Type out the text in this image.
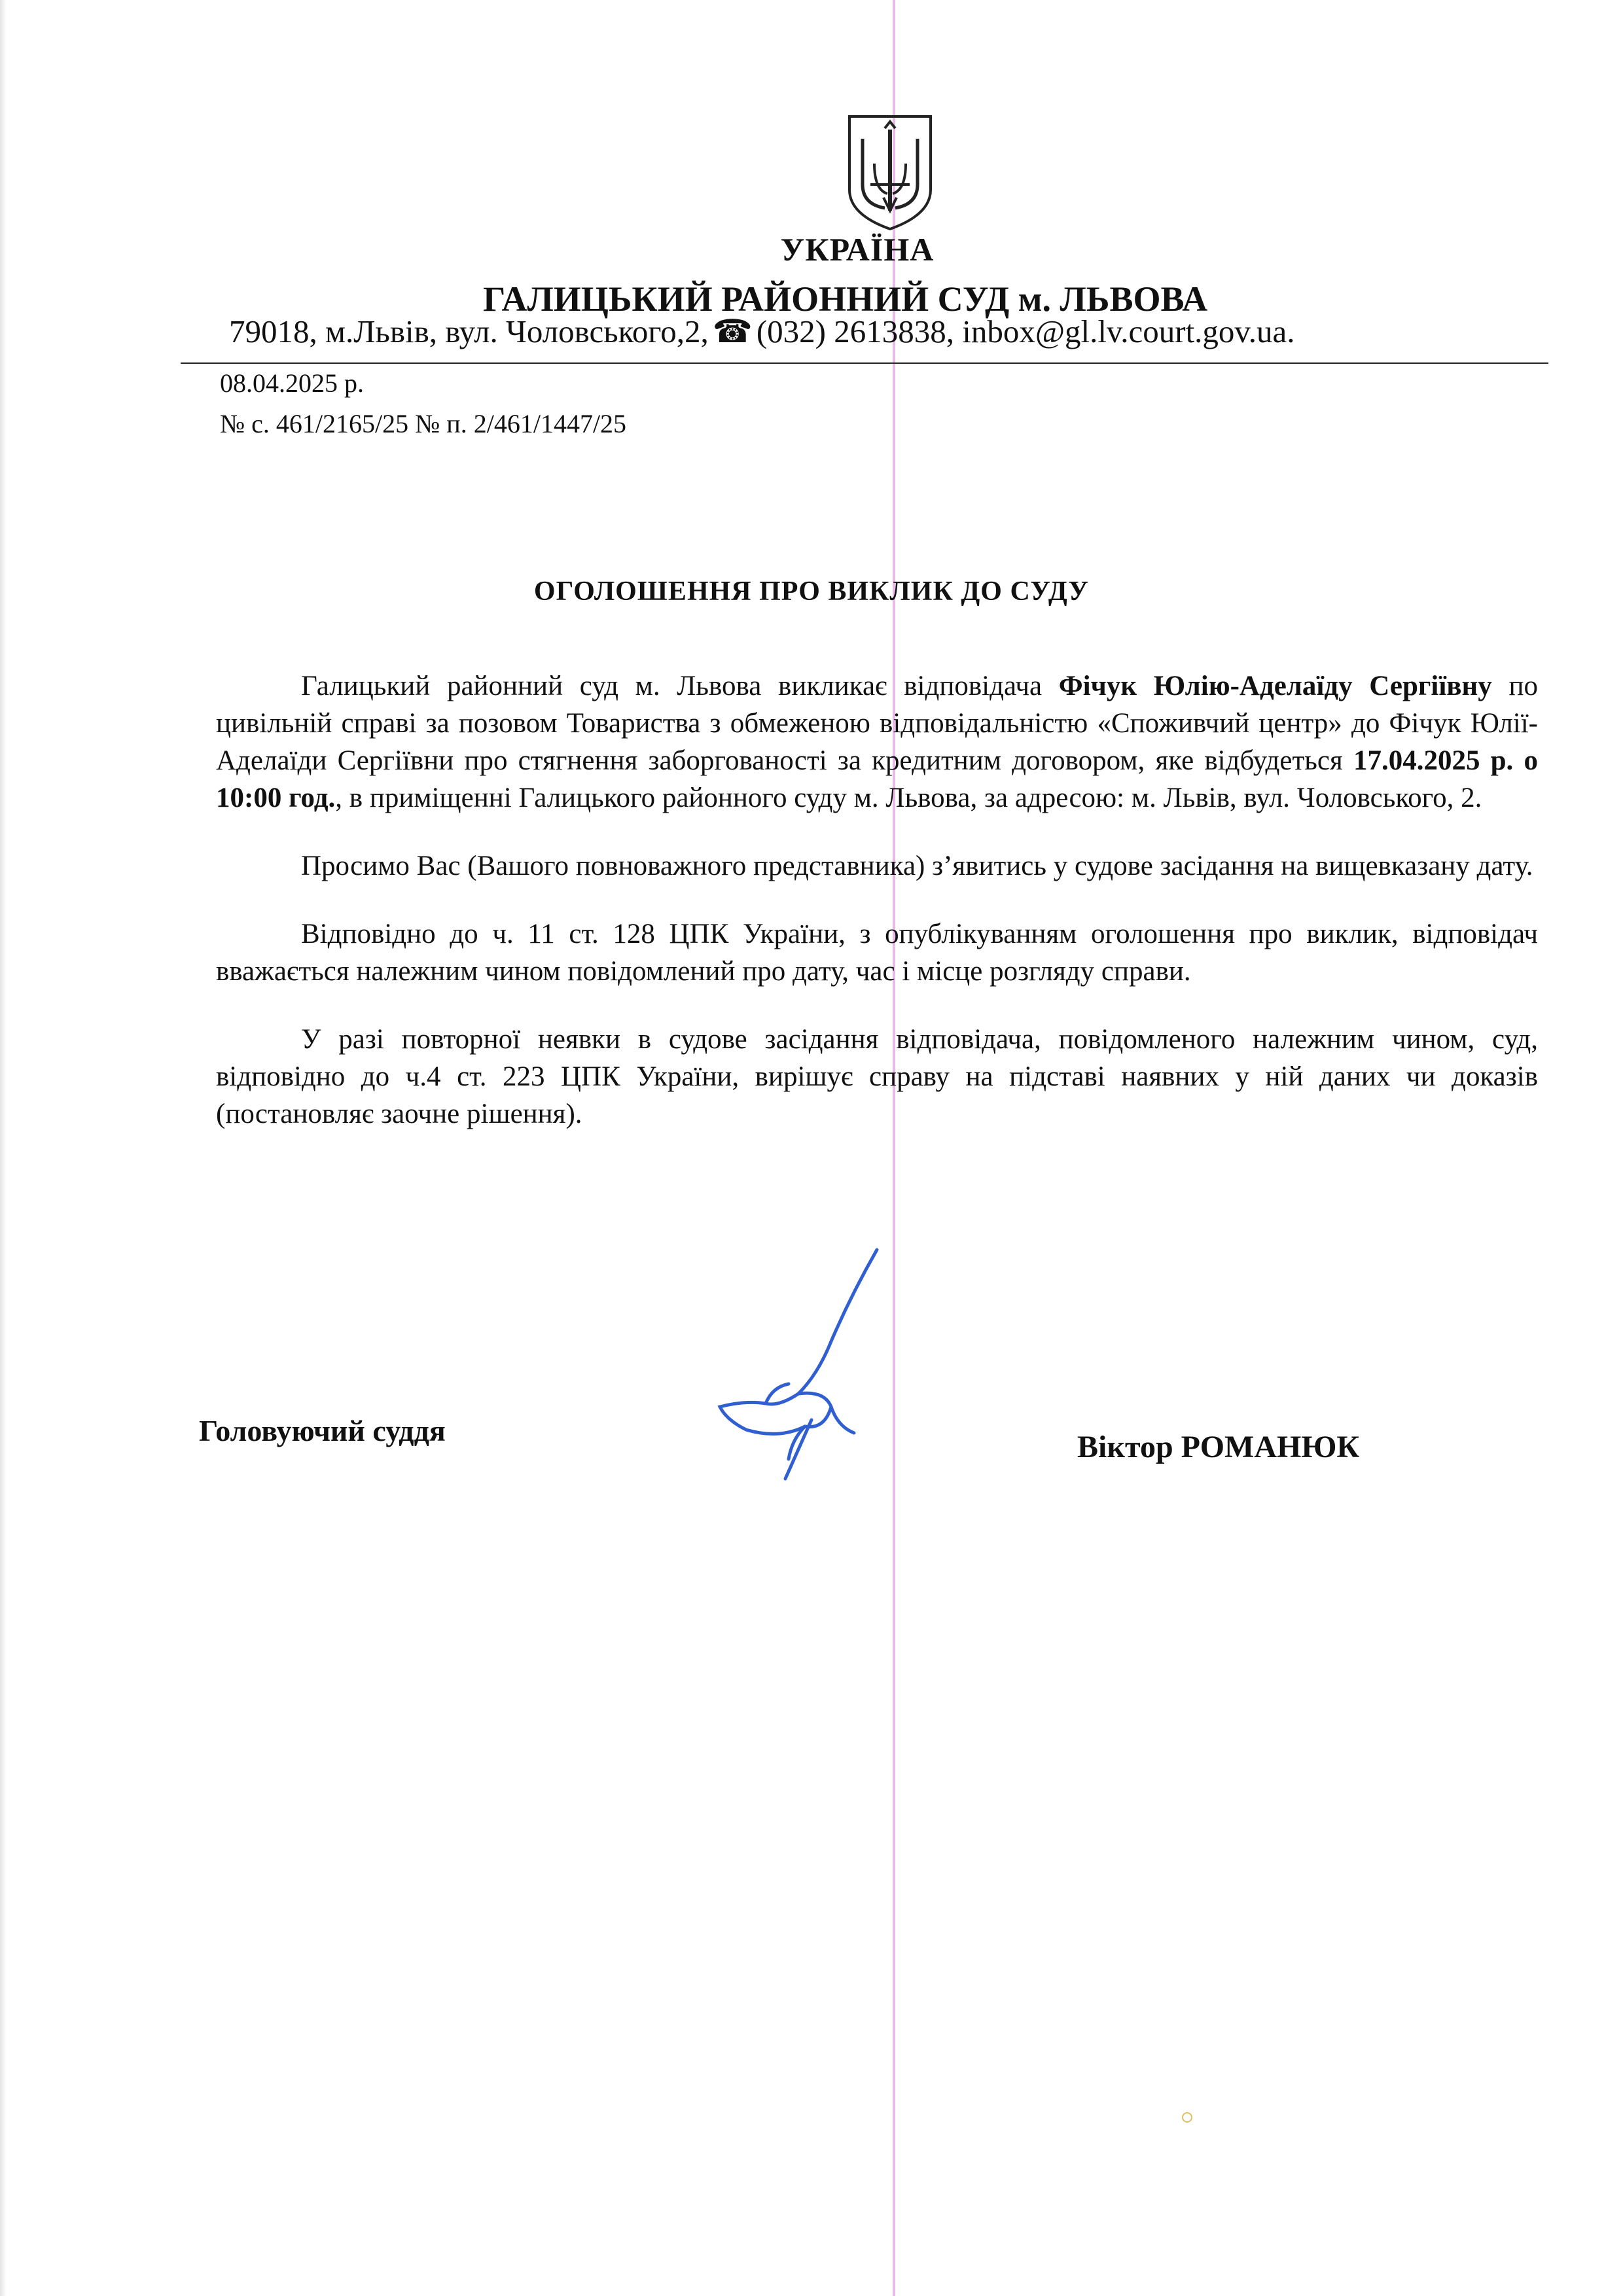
УКРАЇНА
ГАЛИЦЬКИЙ РАЙОННИЙ СУД м. ЛЬВОВА
79018, м.Львів, вул. Чоловського,2, ☎ (032) 2613838, inbox@gl.lv.court.gov.ua.
08.04.2025 р.
№ с. 461/2165/25 № п. 2/461/1447/25
ОГОЛОШЕННЯ ПРО ВИКЛИК ДО СУДУ

Галицький районний суд м. Львова викликає відповідача Фічук Юлію-Аделаїду Сергіївну по цивільній справі за позовом Товариства з обмеженою відповідальністю «Споживчий центр» до Фічук Юлії-Аделаїди Сергіївни про стягнення заборгованості за кредитним договором, яке відбудеться 17.04.2025 р. о 10:00 год., в приміщенні Галицького районного суду м. Львова, за адресою: м. Львів, вул. Чоловського, 2.

Просимо Вас (Вашого повноважного представника) з’явитись у судове засідання на вищевказану дату.

Відповідно до ч. 11 ст. 128 ЦПК України, з опублікуванням оголошення про виклик, відповідач вважається належним чином повідомлений про дату, час і місце розгляду справи.

У разі повторної неявки в судове засідання відповідача, повідомленого належним чином, суд, відповідно до ч.4 ст. 223 ЦПК України, вирішує справу на підставі наявних у ній даних чи доказів (постановляє заочне рішення).

Головуючий суддя	Віктор РОМАНЮК
